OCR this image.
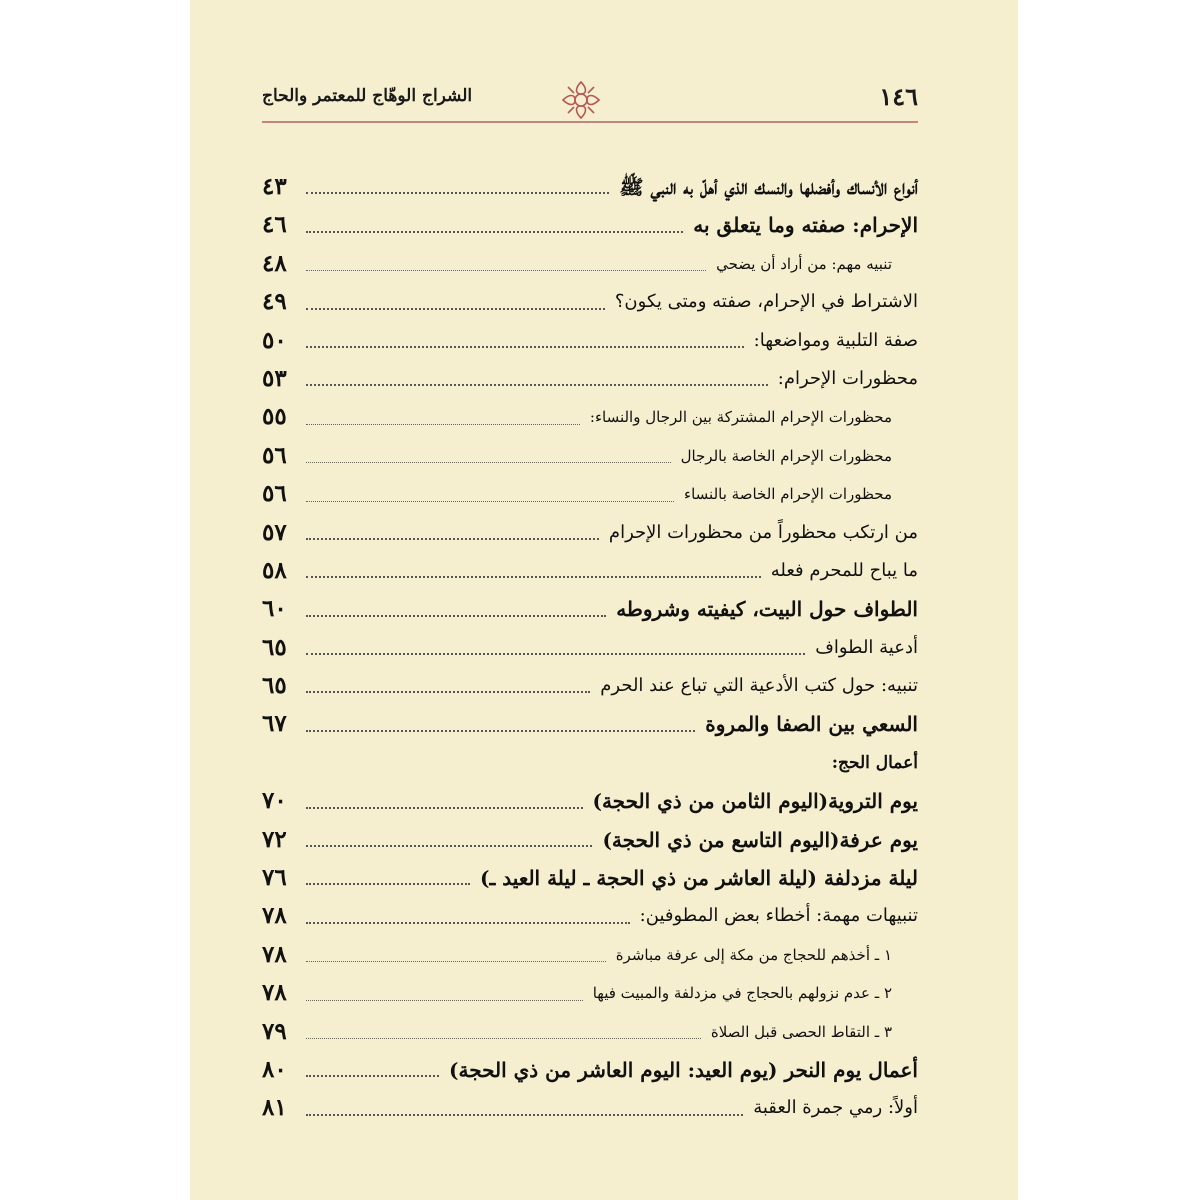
١٤٦
الشراج الوهّاج للمعتمر والحاج
أنواع الأنساك وأفضلها والنسك الذي أهلّ به النبي ﷺ
٤٣
الإحرام: صفته وما يتعلق به
٤٦
تنبيه مهم: من أراد أن يضحي
٤٨
الاشتراط في الإحرام، صفته ومتى يكون؟
٤٩
صفة التلبية ومواضعها:
٥٠
محظورات الإحرام:
٥٣
محظورات الإحرام المشتركة بين الرجال والنساء:
٥٥
محظورات الإحرام الخاصة بالرجال
٥٦
محظورات الإحرام الخاصة بالنساء
٥٦
من ارتكب محظوراً من محظورات الإحرام
٥٧
ما يباح للمحرم فعله
٥٨
الطواف حول البيت، كيفيته وشروطه
٦٠
أدعية الطواف
٦٥
تنبيه: حول كتب الأدعية التي تباع عند الحرم
٦٥
السعي بين الصفا والمروة
٦٧
أعمال الحج:
يوم التروية(اليوم الثامن من ذي الحجة)
٧٠
يوم عرفة(اليوم التاسع من ذي الحجة)
٧٢
ليلة مزدلفة (ليلة العاشر من ذي الحجة ـ ليلة العيد ـ)
٧٦
تنبيهات مهمة: أخطاء بعض المطوفين:
٧٨
١ ـ أخذهم للحجاج من مكة إلى عرفة مباشرة
٧٨
٢ ـ عدم نزولهم بالحجاج في مزدلفة والمبيت فيها
٧٨
٣ ـ التقاط الحصى قبل الصلاة
٧٩
أعمال يوم النحر (يوم العيد: اليوم العاشر من ذي الحجة)
٨٠
أولاً: رمي جمرة العقبة
٨١
